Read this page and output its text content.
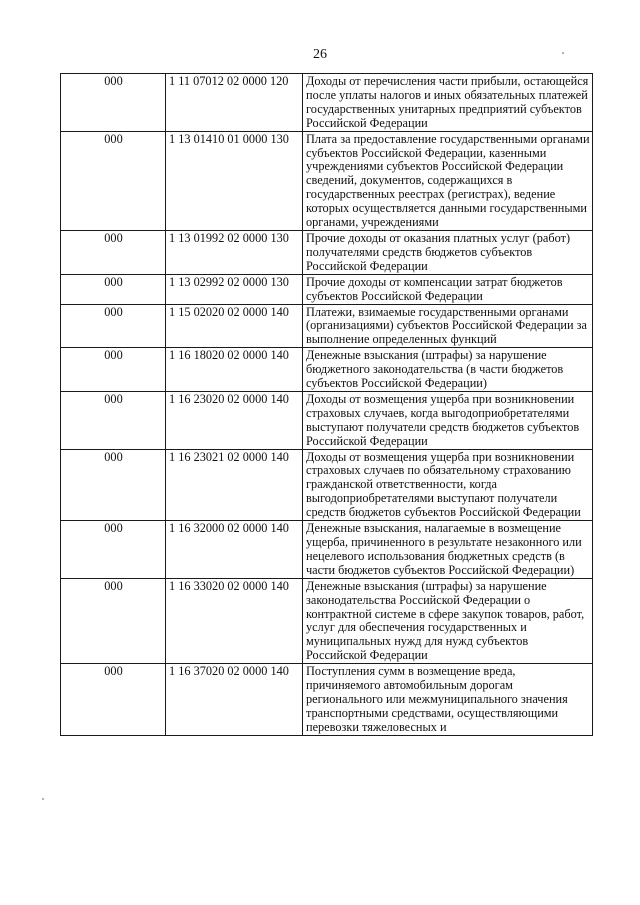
26
000	1 11 07012 02 0000 120	Доходы от перечисления части прибыли, остающейся после уплаты налогов и иных обязательных платежей государственных унитарных предприятий субъектов Российской Федерации
000	1 13 01410 01 0000 130	Плата за предоставление государственными органами субъектов Российской Федерации, казенными учреждениями субъектов Российской Федерации сведений, документов, содержащихся в государственных реестрах (регистрах), ведение которых осуществляется данными государственными органами, учреждениями
000	1 13 01992 02 0000 130	Прочие доходы от оказания платных услуг (работ) получателями средств бюджетов субъектов Российской Федерации
000	1 13 02992 02 0000 130	Прочие доходы от компенсации затрат бюджетов субъектов Российской Федерации
000	1 15 02020 02 0000 140	Платежи, взимаемые государственными органами (организациями) субъектов Российской Федерации за выполнение определенных функций
000	1 16 18020 02 0000 140	Денежные взыскания (штрафы) за нарушение бюджетного законодательства (в части бюджетов субъектов Российской Федерации)
000	1 16 23020 02 0000 140	Доходы от возмещения ущерба при возникновении страховых случаев, когда выгодоприобретателями выступают получатели средств бюджетов субъектов Российской Федерации
000	1 16 23021 02 0000 140	Доходы от возмещения ущерба при возникновении страховых случаев по обязательному страхованию гражданской ответственности, когда выгодоприобретателями выступают получатели средств бюджетов субъектов Российской Федерации
000	1 16 32000 02 0000 140	Денежные взыскания, налагаемые в возмещение ущерба, причиненного в результате незаконного или нецелевого использования бюджетных средств (в части бюджетов субъектов Российской Федерации)
000	1 16 33020 02 0000 140	Денежные взыскания (штрафы) за нарушение законодательства Российской Федерации о контрактной системе в сфере закупок товаров, работ, услуг для обеспечения государственных и муниципальных нужд для нужд субъектов Российской Федерации
000	1 16 37020 02 0000 140	Поступления сумм в возмещение вреда, причиняемого автомобильным дорогам регионального или межмуниципального значения транспортными средствами, осуществляющими перевозки тяжеловесных и
